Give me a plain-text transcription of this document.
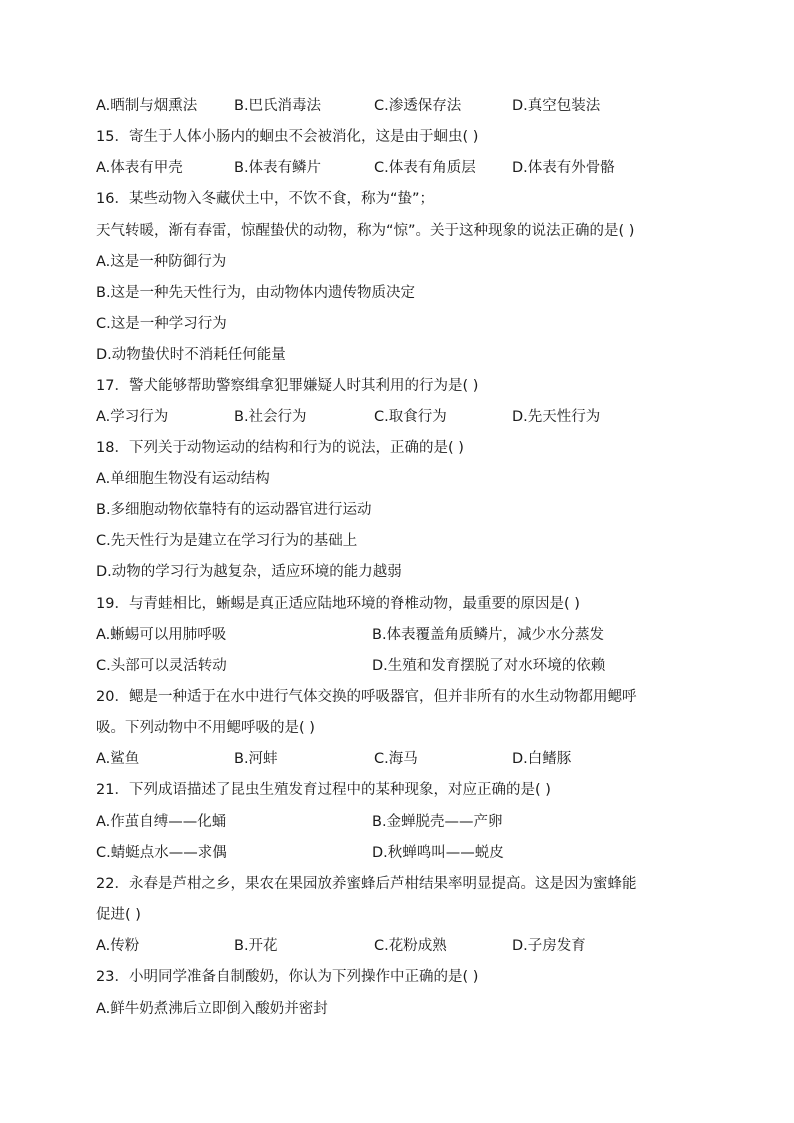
A.晒制与烟熏法	B.巴氏消毒法	C.渗透保存法	D.真空包装法
15．寄生于人体小肠内的蛔虫不会被消化，这是由于蛔虫( )
A.体表有甲壳	B.体表有鳞片	C.体表有角质层	D.体表有外骨骼
16．某些动物入冬藏伏土中，不饮不食，称为“蛰”；
天气转暖，渐有春雷，惊醒蛰伏的动物，称为“惊”。关于这种现象的说法正确的是( )
A.这是一种防御行为
B.这是一种先天性行为，由动物体内遗传物质决定
C.这是一种学习行为
D.动物蛰伏时不消耗任何能量
17．警犬能够帮助警察缉拿犯罪嫌疑人时其利用的行为是( )
A.学习行为	B.社会行为	C.取食行为	D.先天性行为
18．下列关于动物运动的结构和行为的说法，正确的是( )
A.单细胞生物没有运动结构
B.多细胞动物依靠特有的运动器官进行运动
C.先天性行为是建立在学习行为的基础上
D.动物的学习行为越复杂，适应环境的能力越弱
19．与青蛙相比，蜥蜴是真正适应陆地环境的脊椎动物，最重要的原因是( )
A.蜥蜴可以用肺呼吸	B.体表覆盖角质鳞片，减少水分蒸发
C.头部可以灵活转动	D.生殖和发育摆脱了对水环境的依赖
20．鳃是一种适于在水中进行气体交换的呼吸器官，但并非所有的水生动物都用鳃呼
吸。下列动物中不用鳃呼吸的是( )
A.鲨鱼	B.河蚌	C.海马	D.白鳍豚
21．下列成语描述了昆虫生殖发育过程中的某种现象，对应正确的是( )
A.作茧自缚——化蛹	B.金蝉脱壳——产卵
C.蜻蜓点水——求偶	D.秋蝉鸣叫——蜕皮
22．永春是芦柑之乡，果农在果园放养蜜蜂后芦柑结果率明显提高。这是因为蜜蜂能
促进( )
A.传粉	B.开花	C.花粉成熟	D.子房发育
23．小明同学准备自制酸奶，你认为下列操作中正确的是( )
A.鲜牛奶煮沸后立即倒入酸奶并密封
